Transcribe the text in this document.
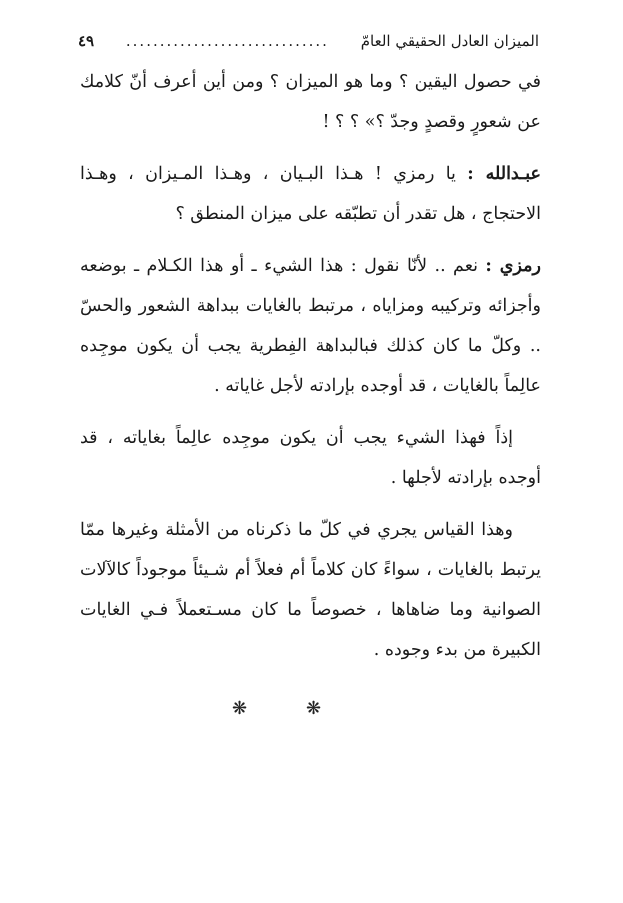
الميزان العادل الحقيقي العامّ
..............................
٤٩

في حصول اليقين ؟ وما هو الميزان ؟ ومن أين أعرف أنّ كلامك عن شعورٍ وقصدٍ وجدّ ؟» ؟ ؟ !

عبـدالله : يا رمزي ! هـذا البـيان ، وهـذا المـيزان ، وهـذا الاحتجاج ، هل تقدر أن تطبّقه على ميزان المنطق ؟

رمزي : نعم .. لأنّا نقول : هذا الشيء ـ أو هذا الكـلام ـ بوضعه وأجزائه وتركيبه ومزاياه ، مرتبط بالغايات ببداهة الشعور والحسّ .. وكلّ ما كان كذلك فبالبداهة الفِطرية يجب أن يكون موجِده عالِماً بالغايات ، قد أوجده بإرادته لأجل غاياته .

إذاً فهذا الشيء يجب أن يكون موجِده عالِماً بغاياته ، قد أوجده بإرادته لأجلها .

وهذا القياس يجري في كلّ ما ذكرناه من الأمثلة وغيرها ممّا يرتبط بالغايات ، سواءً كان كلاماً أم فعلاً أم شـيئاً موجوداً كالآلات الصوانية وما ضاهاها ، خصوصاً ما كان مسـتعملاً فـي الغايات الكبيرة من بدء وجوده .

❋	❋
